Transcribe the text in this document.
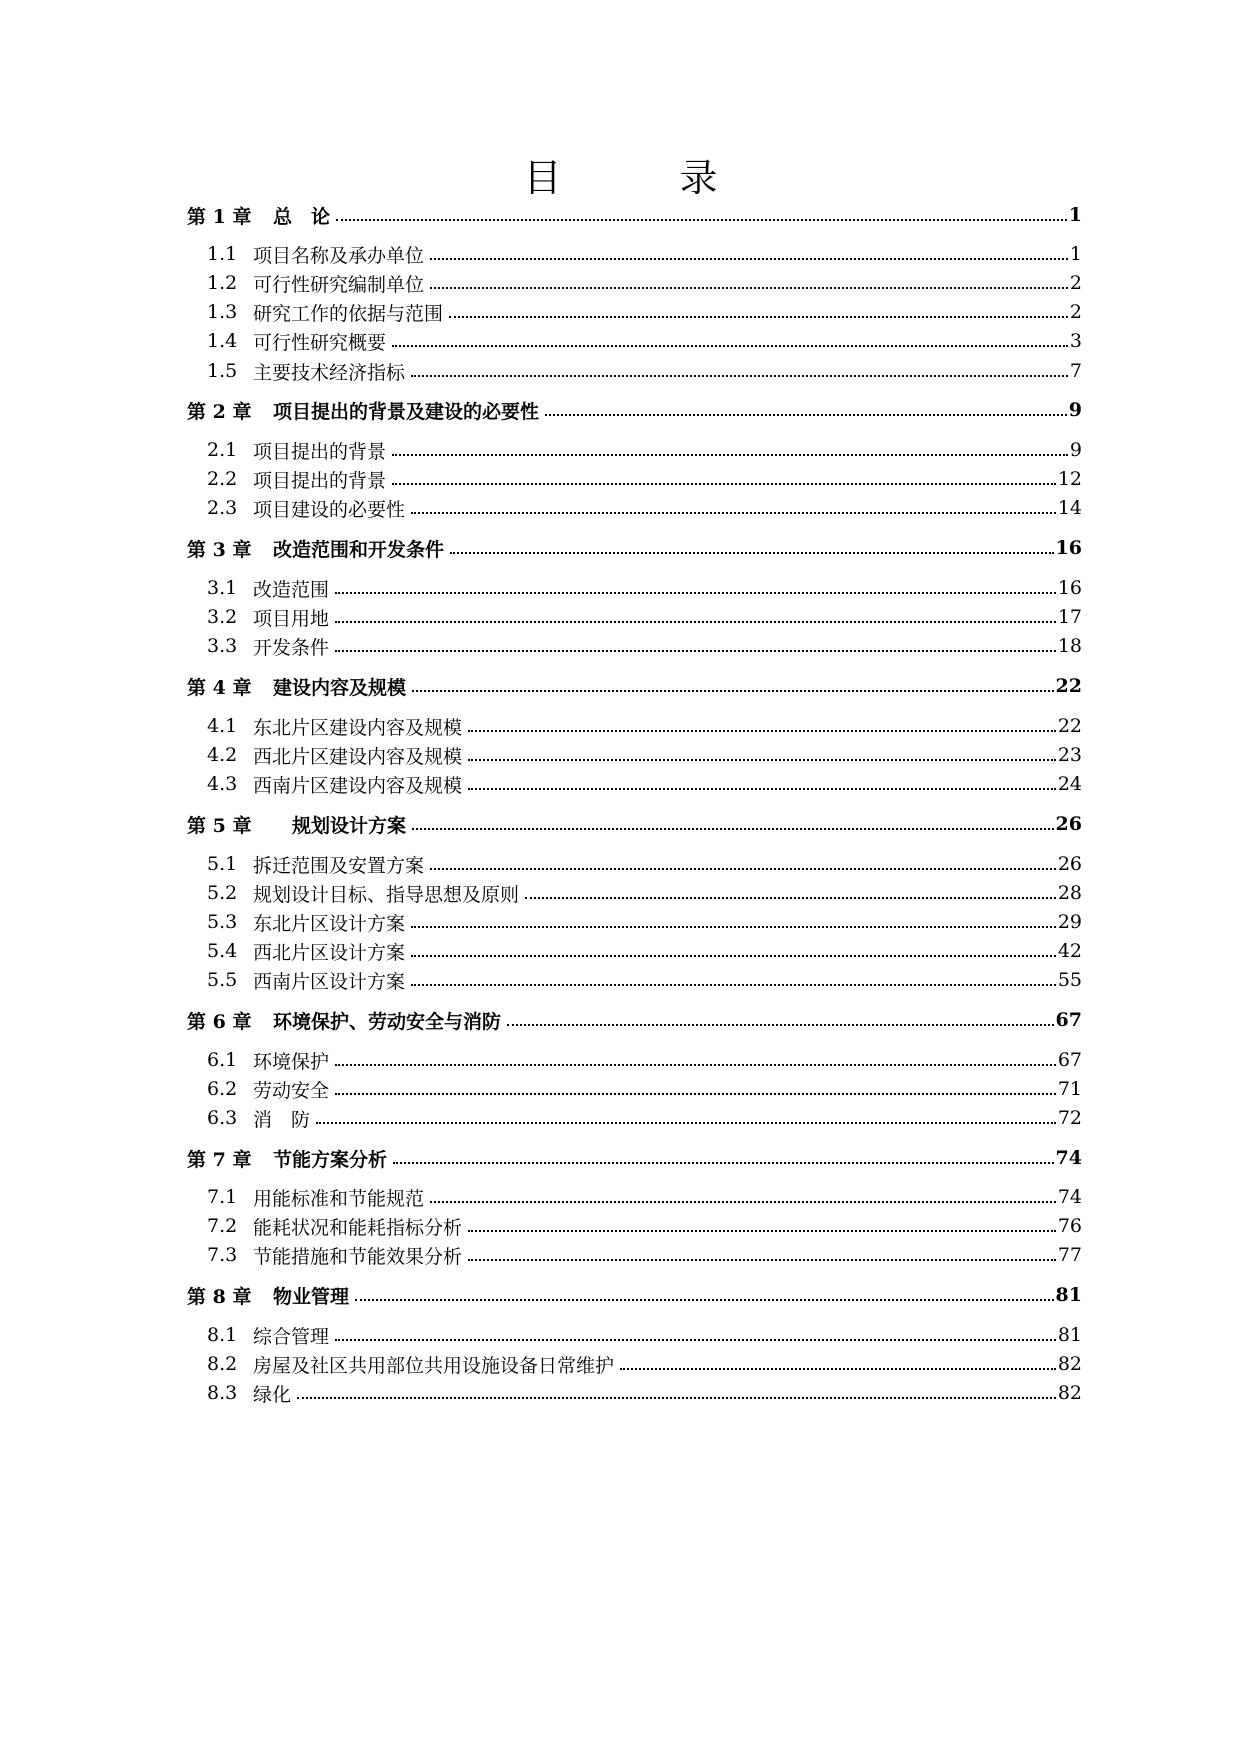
目　录
第 1 章 总　论	1
1.1 项目名称及承办单位	1
1.2 可行性研究编制单位	2
1.3 研究工作的依据与范围	2
1.4 可行性研究概要	3
1.5 主要技术经济指标	7
第 2 章 项目提出的背景及建设的必要性	9
2.1 项目提出的背景	9
2.2 项目提出的背景	12
2.3 项目建设的必要性	14
第 3 章 改造范围和开发条件	16
3.1 改造范围	16
3.2 项目用地	17
3.3 开发条件	18
第 4 章 建设内容及规模	22
4.1 东北片区建设内容及规模	22
4.2 西北片区建设内容及规模	23
4.3 西南片区建设内容及规模	24
第 5 章 　规划设计方案	26
5.1 拆迁范围及安置方案	26
5.2 规划设计目标、指导思想及原则	28
5.3 东北片区设计方案	29
5.4 西北片区设计方案	42
5.5 西南片区设计方案	55
第 6 章 环境保护、劳动安全与消防	67
6.1 环境保护	67
6.2 劳动安全	71
6.3 消　防	72
第 7 章 节能方案分析	74
7.1 用能标准和节能规范	74
7.2 能耗状况和能耗指标分析	76
7.3 节能措施和节能效果分析	77
第 8 章 物业管理	81
8.1 综合管理	81
8.2 房屋及社区共用部位共用设施设备日常维护	82
8.3 绿化	82
